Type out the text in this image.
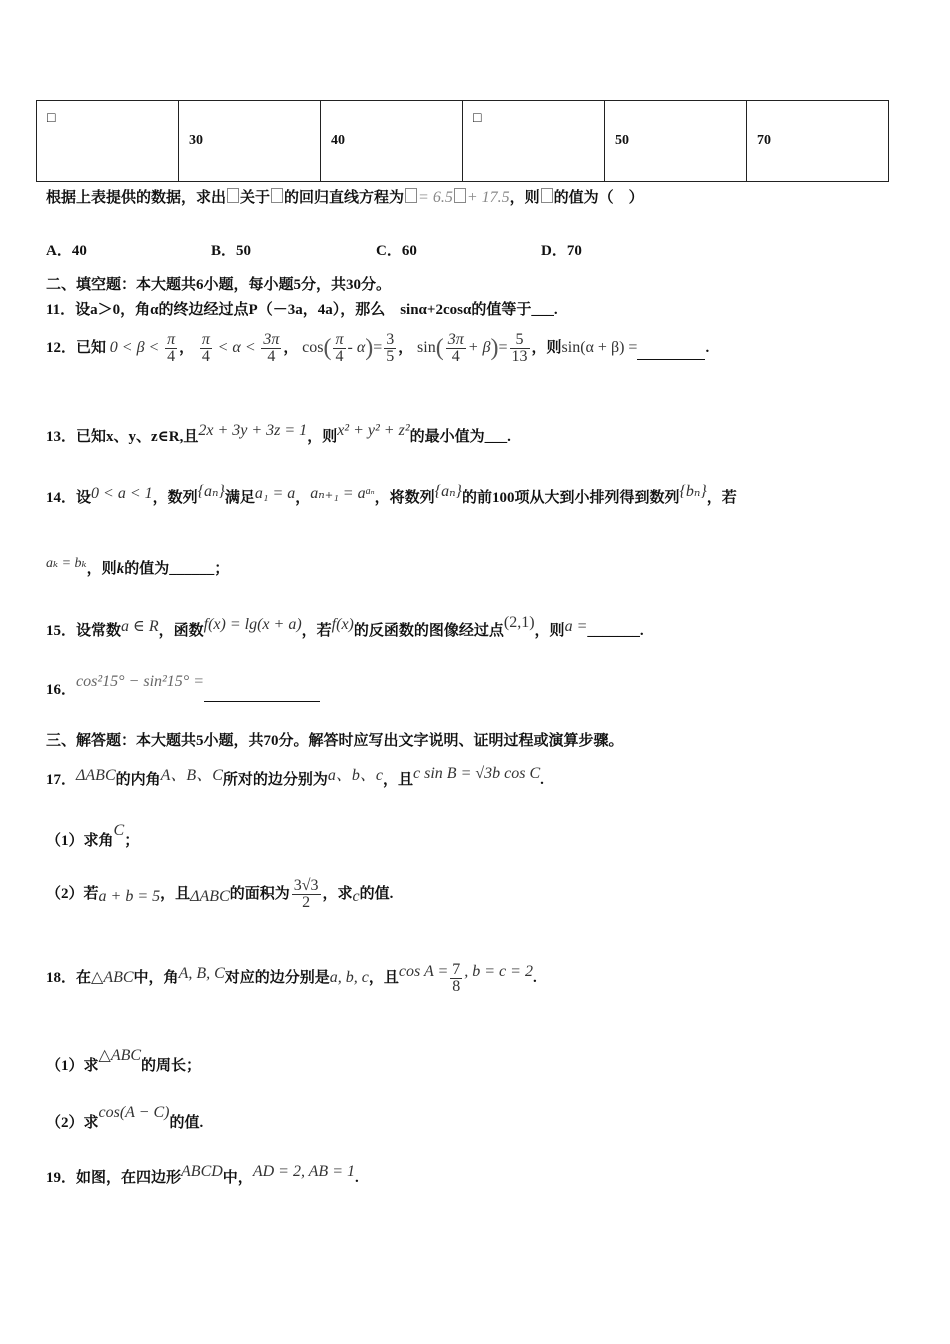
□	30	40	□	50	70
根据上表提供的数据，求出 关于 的回归直线方程为 = 6.5 + 17.5，则 的值为（　）
A．40	B．50	C．60	D．70
二、填空题：本大题共6小题，每小题5分，共30分。
11．设a＞0，角α的终边经过点P（－3a，4a），那么　sinα+2cosα的值等于___.
12．已知 $0 < \beta < \frac{\pi}{4}$ ， $\frac{\pi}{4} < \alpha < \frac{3\pi}{4}$ ， $\cos( \frac{\pi}{4} - \alpha)= \frac{3}{5}$ ， $\sin( \frac{3\pi}{4} + \beta)= \frac{5}{13}$ ，则sin(α + β) =	.
13．已知x、y、z∈R,且2x + 3y + 3z = 1，则x² + y² + z²的最小值为___.
14．设0 < a < 1，数列{aₙ}满足a₁ = a，$a_{n+1} = a^{a_n}$，将数列{aₙ}的前100项从大到小排列得到数列{bₙ}，若
aₖ = bₖ，则k的值为______；
15．设常数a ∈ R，函数f(x) = lg(x + a)，若f(x)的反函数的图像经过点(2,1)，则a =_______.
16．cos²15° − sin²15° =
三、解答题：本大题共5小题，共70分。解答时应写出文字说明、证明过程或演算步骤。
17．ΔABC的内角A、B、C所对的边分别为a、b、c，且c sin B = √3b cos C.
（1）求角C；
（2）若a + b = 5，且ΔABC的面积为 $\frac{3√3}{2}$ ，求c的值.
18．在△ABC中，角A, B, C对应的边分别是a, b, c，且$\cos A = \frac{7}{8}$ , b = c = 2.
（1）求△ABC的周长；
（2）求cos(A − C)的值.
19．如图，在四边形ABCD中，AD = 2, AB = 1.
